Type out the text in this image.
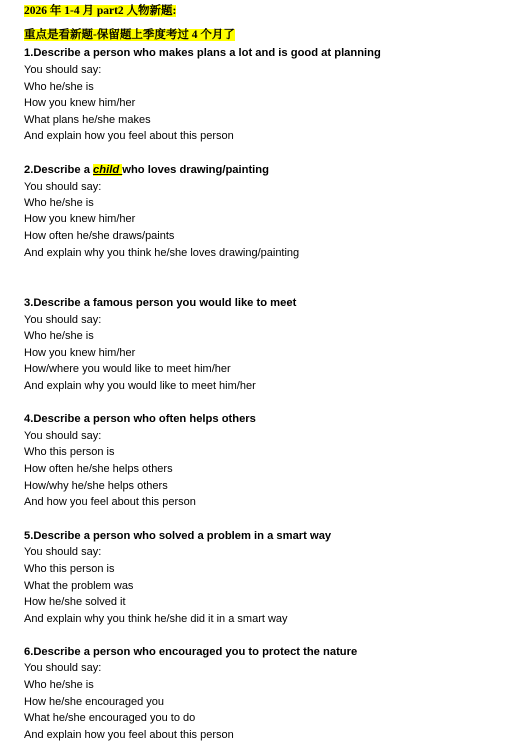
2026 年 1-4 月 part2 人物新题:
重点是看新题-保留题上季度考过 4 个月了
1.Describe a person who makes plans a lot and is good at planning
You should say:
Who he/she is
How you knew him/her
What plans he/she makes
And explain how you feel about this person
2.Describe a child who loves drawing/painting
You should say:
Who he/she is
How you knew him/her
How often he/she draws/paints
And explain why you think he/she loves drawing/painting
3.Describe a famous person you would like to meet
You should say:
Who he/she is
How you knew him/her
How/where you would like to meet him/her
And explain why you would like to meet him/her
4.Describe a person who often helps others
You should say:
Who this person is
How often he/she helps others
How/why he/she helps others
And how you feel about this person
5.Describe a person who solved a problem in a smart way
You should say:
Who this person is
What the problem was
How he/she solved it
And explain why you think he/she did it in a smart way
6.Describe a person who encouraged you to protect the nature
You should say:
Who he/she is
How he/she encouraged you
What he/she encouraged you to do
And explain how you feel about this person
